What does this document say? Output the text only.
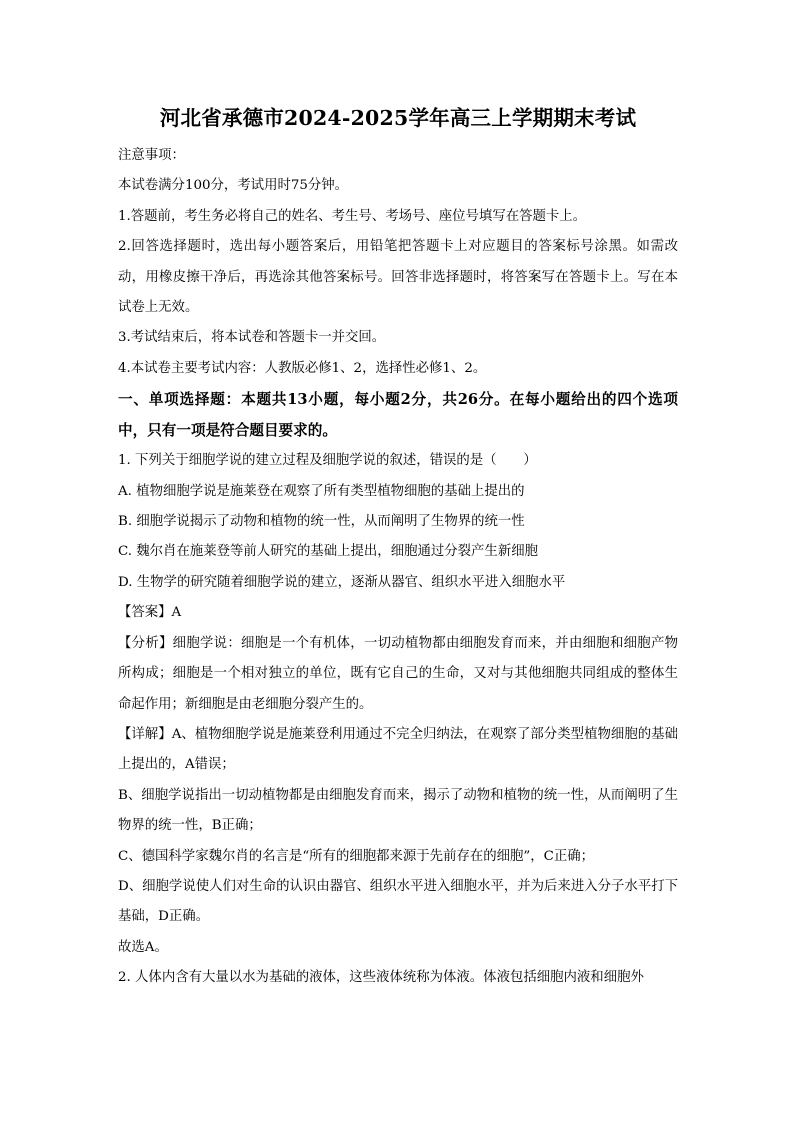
河北省承德市2024-2025学年高三上学期期末考试

注意事项：

本试卷满分100分，考试用时75分钟。

1.答题前，考生务必将自己的姓名、考生号、考场号、座位号填写在答题卡上。

2.回答选择题时，选出每小题答案后，用铅笔把答题卡上对应题目的答案标号涂黑。如需改动，用橡皮擦干净后，再选涂其他答案标号。回答非选择题时，将答案写在答题卡上。写在本试卷上无效。

3.考试结束后，将本试卷和答题卡一并交回。

4.本试卷主要考试内容：人教版必修1、2，选择性必修1、2。

一、单项选择题：本题共13小题，每小题2分，共26分。在每小题给出的四个选项中，只有一项是符合题目要求的。

1. 下列关于细胞学说的建立过程及细胞学说的叙述，错误的是（　　）

A. 植物细胞学说是施莱登在观察了所有类型植物细胞的基础上提出的

B. 细胞学说揭示了动物和植物的统一性，从而阐明了生物界的统一性

C. 魏尔肖在施莱登等前人研究的基础上提出，细胞通过分裂产生新细胞

D. 生物学的研究随着细胞学说的建立，逐渐从器官、组织水平进入细胞水平

【答案】A

【分析】细胞学说：细胞是一个有机体，一切动植物都由细胞发育而来，并由细胞和细胞产物所构成；细胞是一个相对独立的单位，既有它自己的生命，又对与其他细胞共同组成的整体生命起作用；新细胞是由老细胞分裂产生的。

【详解】A、植物细胞学说是施莱登利用通过不完全归纳法，在观察了部分类型植物细胞的基础上提出的，A错误；

B、细胞学说指出一切动植物都是由细胞发育而来，揭示了动物和植物的统一性，从而阐明了生物界的统一性，B正确；

C、德国科学家魏尔肖的名言是“所有的细胞都来源于先前存在的细胞”，C正确；

D、细胞学说使人们对生命的认识由器官、组织水平进入细胞水平，并为后来进入分子水平打下基础，D正确。

故选A。

2. 人体内含有大量以水为基础的液体，这些液体统称为体液。体液包括细胞内液和细胞外
